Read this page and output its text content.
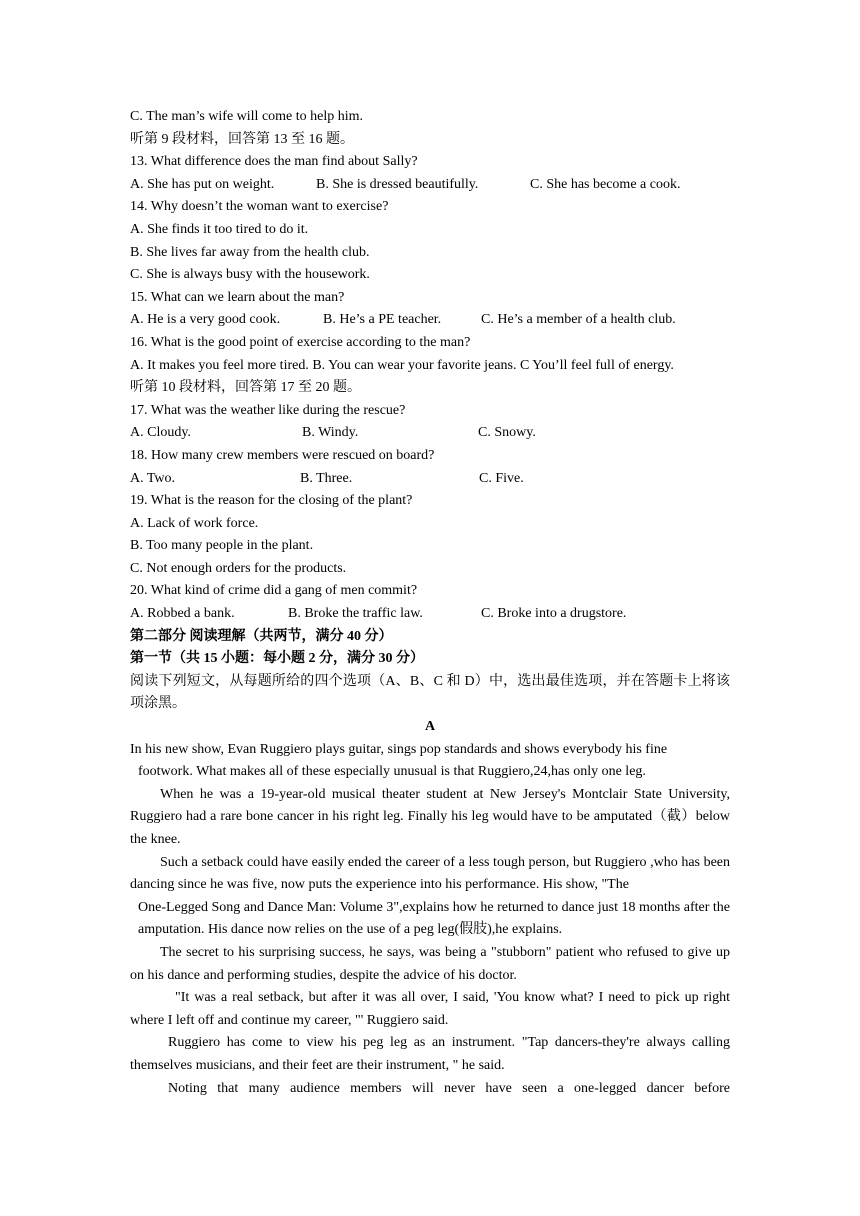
C. The man’s wife will come to help him.
听第 9 段材料，回答第 13 至 16 题。
13. What difference does the man find about Sally?
A. She has put on weight.	B. She is dressed beautifully.	C. She has become a cook.
14. Why doesn’t the woman want to exercise?
A. She finds it too tired to do it.
B. She lives far away from the health club.
C. She is always busy with the housework.
15. What can we learn about the man?
A. He is a very good cook.	B. He’s a PE teacher.	C. He’s a member of a health club.
16. What is the good point of exercise according to the man?
A. It makes you feel more tired. B. You can wear your favorite jeans. C You’ll feel full of energy.
听第 10 段材料，回答第 17 至 20 题。
17. What was the weather like during the rescue?
A. Cloudy.	B. Windy.	C. Snowy.
18. How many crew members were rescued on board?
A. Two.	B. Three.	C. Five.
19. What is the reason for the closing of the plant?
A. Lack of work force.
B. Too many people in the plant.
C. Not enough orders for the products.
20. What kind of crime did a gang of men commit?
A. Robbed a bank.	B. Broke the traffic law.	C. Broke into a drugstore.
第二部分 阅读理解（共两节，满分 40 分）
第一节（共 15 小题：每小题 2 分，满分 30 分）
阅读下列短文，从每题所给的四个选项（A、B、C 和 D）中，选出最佳选项，并在答题卡上将该项涂黑。
A
In his new show, Evan Ruggiero plays guitar, sings pop standards and shows everybody his fine
footwork. What makes all of these especially unusual is that Ruggiero,24,has only one leg.
When he was a 19-year-old musical theater student at New Jersey's Montclair State University, Ruggiero had a rare bone cancer in his right leg. Finally his leg would have to be amputated（截）below the knee.
Such a setback could have easily ended the career of a less tough person, but Ruggiero ,who has been dancing since he was five, now puts the experience into his performance. His show, "The
One-Legged Song and Dance Man: Volume 3",explains how he returned to dance just 18 months after the amputation. His dance now relies on the use of a peg leg(假肢),he explains.
The secret to his surprising success, he says, was being a "stubborn" patient who refused to give up on his dance and performing studies, despite the advice of his doctor.
"It was a real setback, but after it was all over, I said, 'You know what? I need to pick up right where I left off and continue my career, "' Ruggiero said.
Ruggiero has come to view his peg leg as an instrument. "Tap dancers-they're always calling themselves musicians, and their feet are their instrument, " he said.
Noting that many audience members will never have seen a one-legged dancer before
